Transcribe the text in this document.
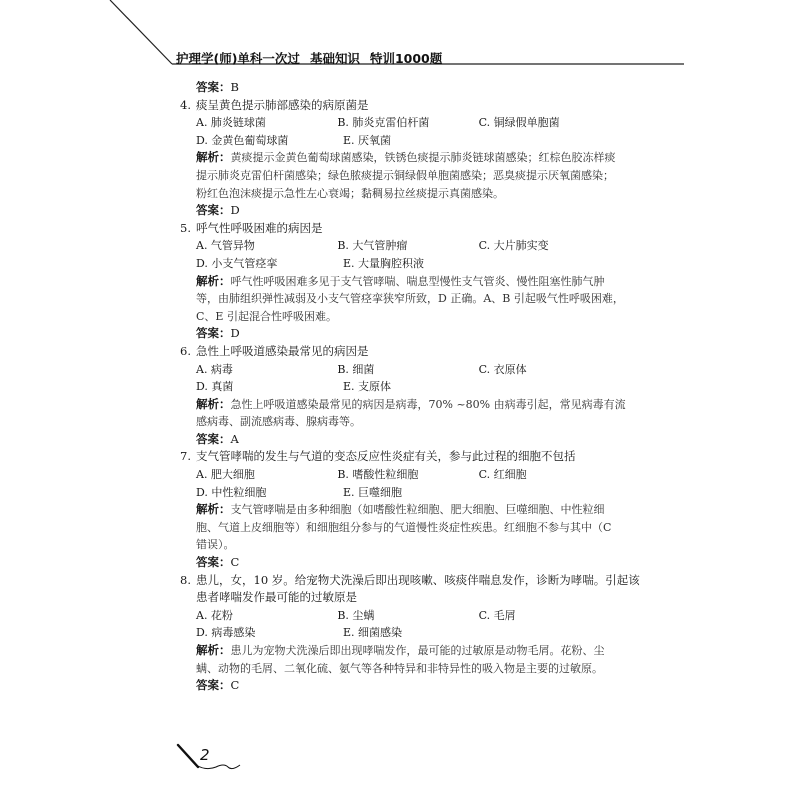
护理学(师)单科一次过 基础知识 特训1000题
答案：B
4. 痰呈黄色提示肺部感染的病原菌是
A. 肺炎链球菌	B. 肺炎克雷伯杆菌	C. 铜绿假单胞菌
D. 金黄色葡萄球菌	E. 厌氧菌
解析：黄痰提示金黄色葡萄球菌感染，铁锈色痰提示肺炎链球菌感染；红棕色胶冻样痰
提示肺炎克雷伯杆菌感染；绿色脓痰提示铜绿假单胞菌感染；恶臭痰提示厌氧菌感染；
粉红色泡沫痰提示急性左心衰竭；黏稠易拉丝痰提示真菌感染。
答案：D
5. 呼气性呼吸困难的病因是
A. 气管异物	B. 大气管肿瘤	C. 大片肺实变
D. 小支气管痉挛	E. 大量胸腔积液
解析：呼气性呼吸困难多见于支气管哮喘、喘息型慢性支气管炎、慢性阻塞性肺气肿
等，由肺组织弹性减弱及小支气管痉挛狭窄所致，D 正确。A、B 引起吸气性呼吸困难，
C、E 引起混合性呼吸困难。
答案：D
6. 急性上呼吸道感染最常见的病因是
A. 病毒	B. 细菌	C. 衣原体
D. 真菌	E. 支原体
解析：急性上呼吸道感染最常见的病因是病毒，70% ~80% 由病毒引起，常见病毒有流
感病毒、副流感病毒、腺病毒等。
答案：A
7. 支气管哮喘的发生与气道的变态反应性炎症有关，参与此过程的细胞不包括
A. 肥大细胞	B. 嗜酸性粒细胞	C. 红细胞
D. 中性粒细胞	E. 巨噬细胞
解析：支气管哮喘是由多种细胞（如嗜酸性粒细胞、肥大细胞、巨噬细胞、中性粒细
胞、气道上皮细胞等）和细胞组分参与的气道慢性炎症性疾患。红细胞不参与其中（C
错误）。
答案：C
8. 患儿，女，10 岁。给宠物犬洗澡后即出现咳嗽、咳痰伴喘息发作，诊断为哮喘。引起该
患者哮喘发作最可能的过敏原是
A. 花粉	B. 尘螨	C. 毛屑
D. 病毒感染	E. 细菌感染
解析：患儿为宠物犬洗澡后即出现哮喘发作，最可能的过敏原是动物毛屑。花粉、尘
螨、动物的毛屑、二氧化硫、氨气等各种特异和非特异性的吸入物是主要的过敏原。
答案：C
2
